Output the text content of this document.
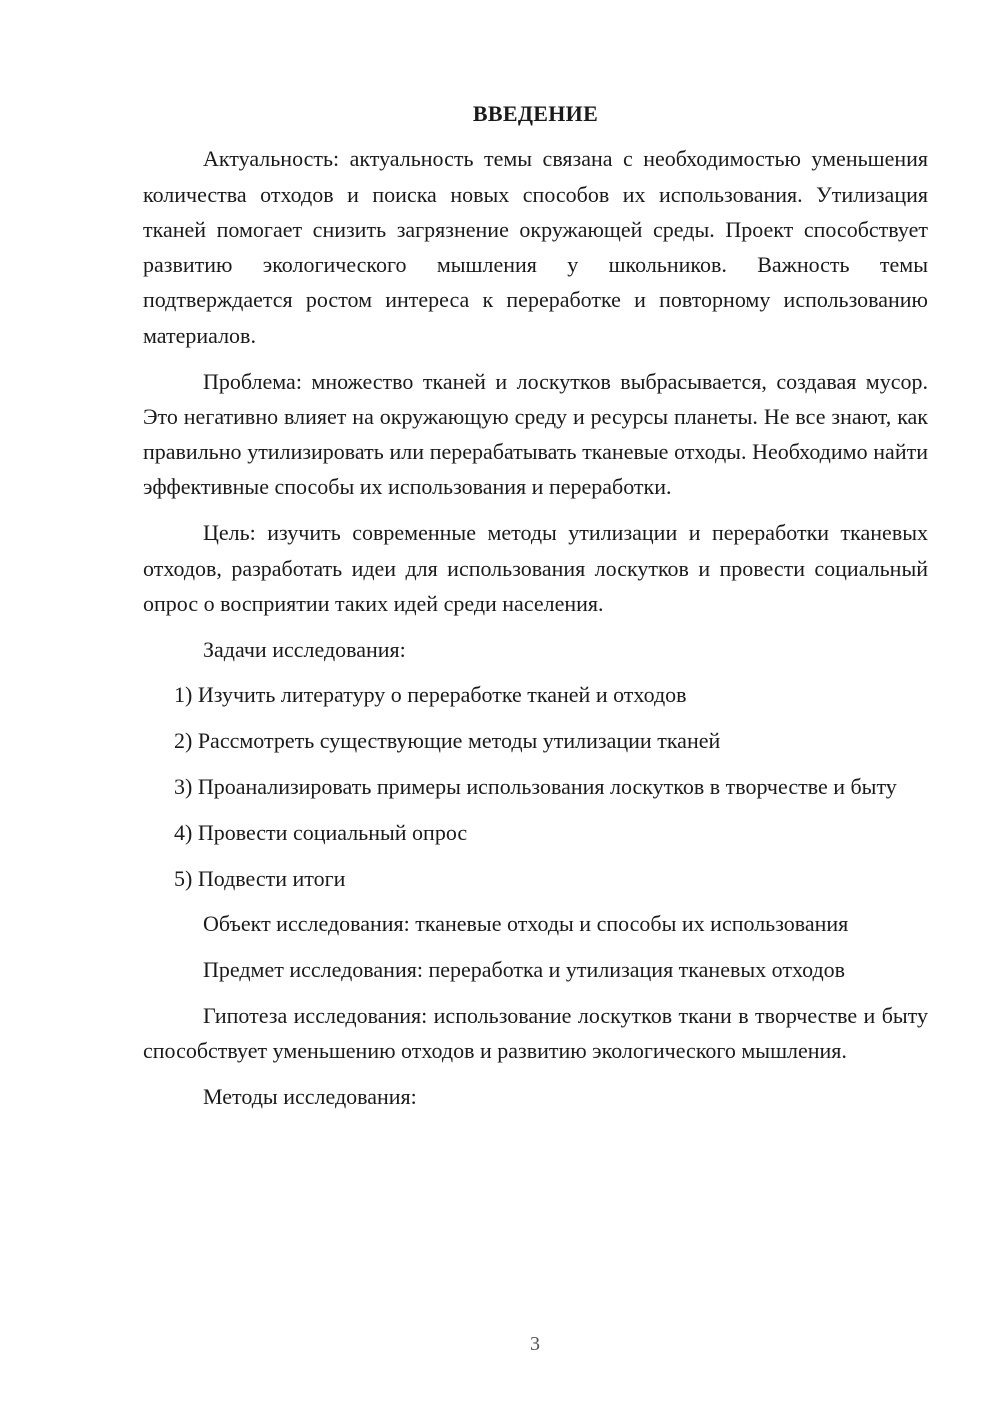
ВВЕДЕНИЕ

Актуальность: актуальность темы связана с необходимостью уменьшения количества отходов и поиска новых способов их использования. Утилизация тканей помогает снизить загрязнение окружающей среды. Проект способствует развитию экологического мышления у школьников. Важность темы подтверждается ростом интереса к переработке и повторному использованию материалов.

Проблема: множество тканей и лоскутков выбрасывается, создавая мусор. Это негативно влияет на окружающую среду и ресурсы планеты. Не все знают, как правильно утилизировать или перерабатывать тканевые отходы. Необходимо найти эффективные способы их использования и переработки.

Цель: изучить современные методы утилизации и переработки тканевых отходов, разработать идеи для использования лоскутков и провести социальный опрос о восприятии таких идей среди населения.

Задачи исследования:

1) Изучить литературу о переработке тканей и отходов

2) Рассмотреть существующие методы утилизации тканей

3) Проанализировать примеры использования лоскутков в творчестве и быту

4) Провести социальный опрос

5) Подвести итоги

Объект исследования: тканевые отходы и способы их использования

Предмет исследования: переработка и утилизация тканевых отходов

Гипотеза исследования: использование лоскутков ткани в творчестве и быту способствует уменьшению отходов и развитию экологического мышления.

Методы исследования:

3
